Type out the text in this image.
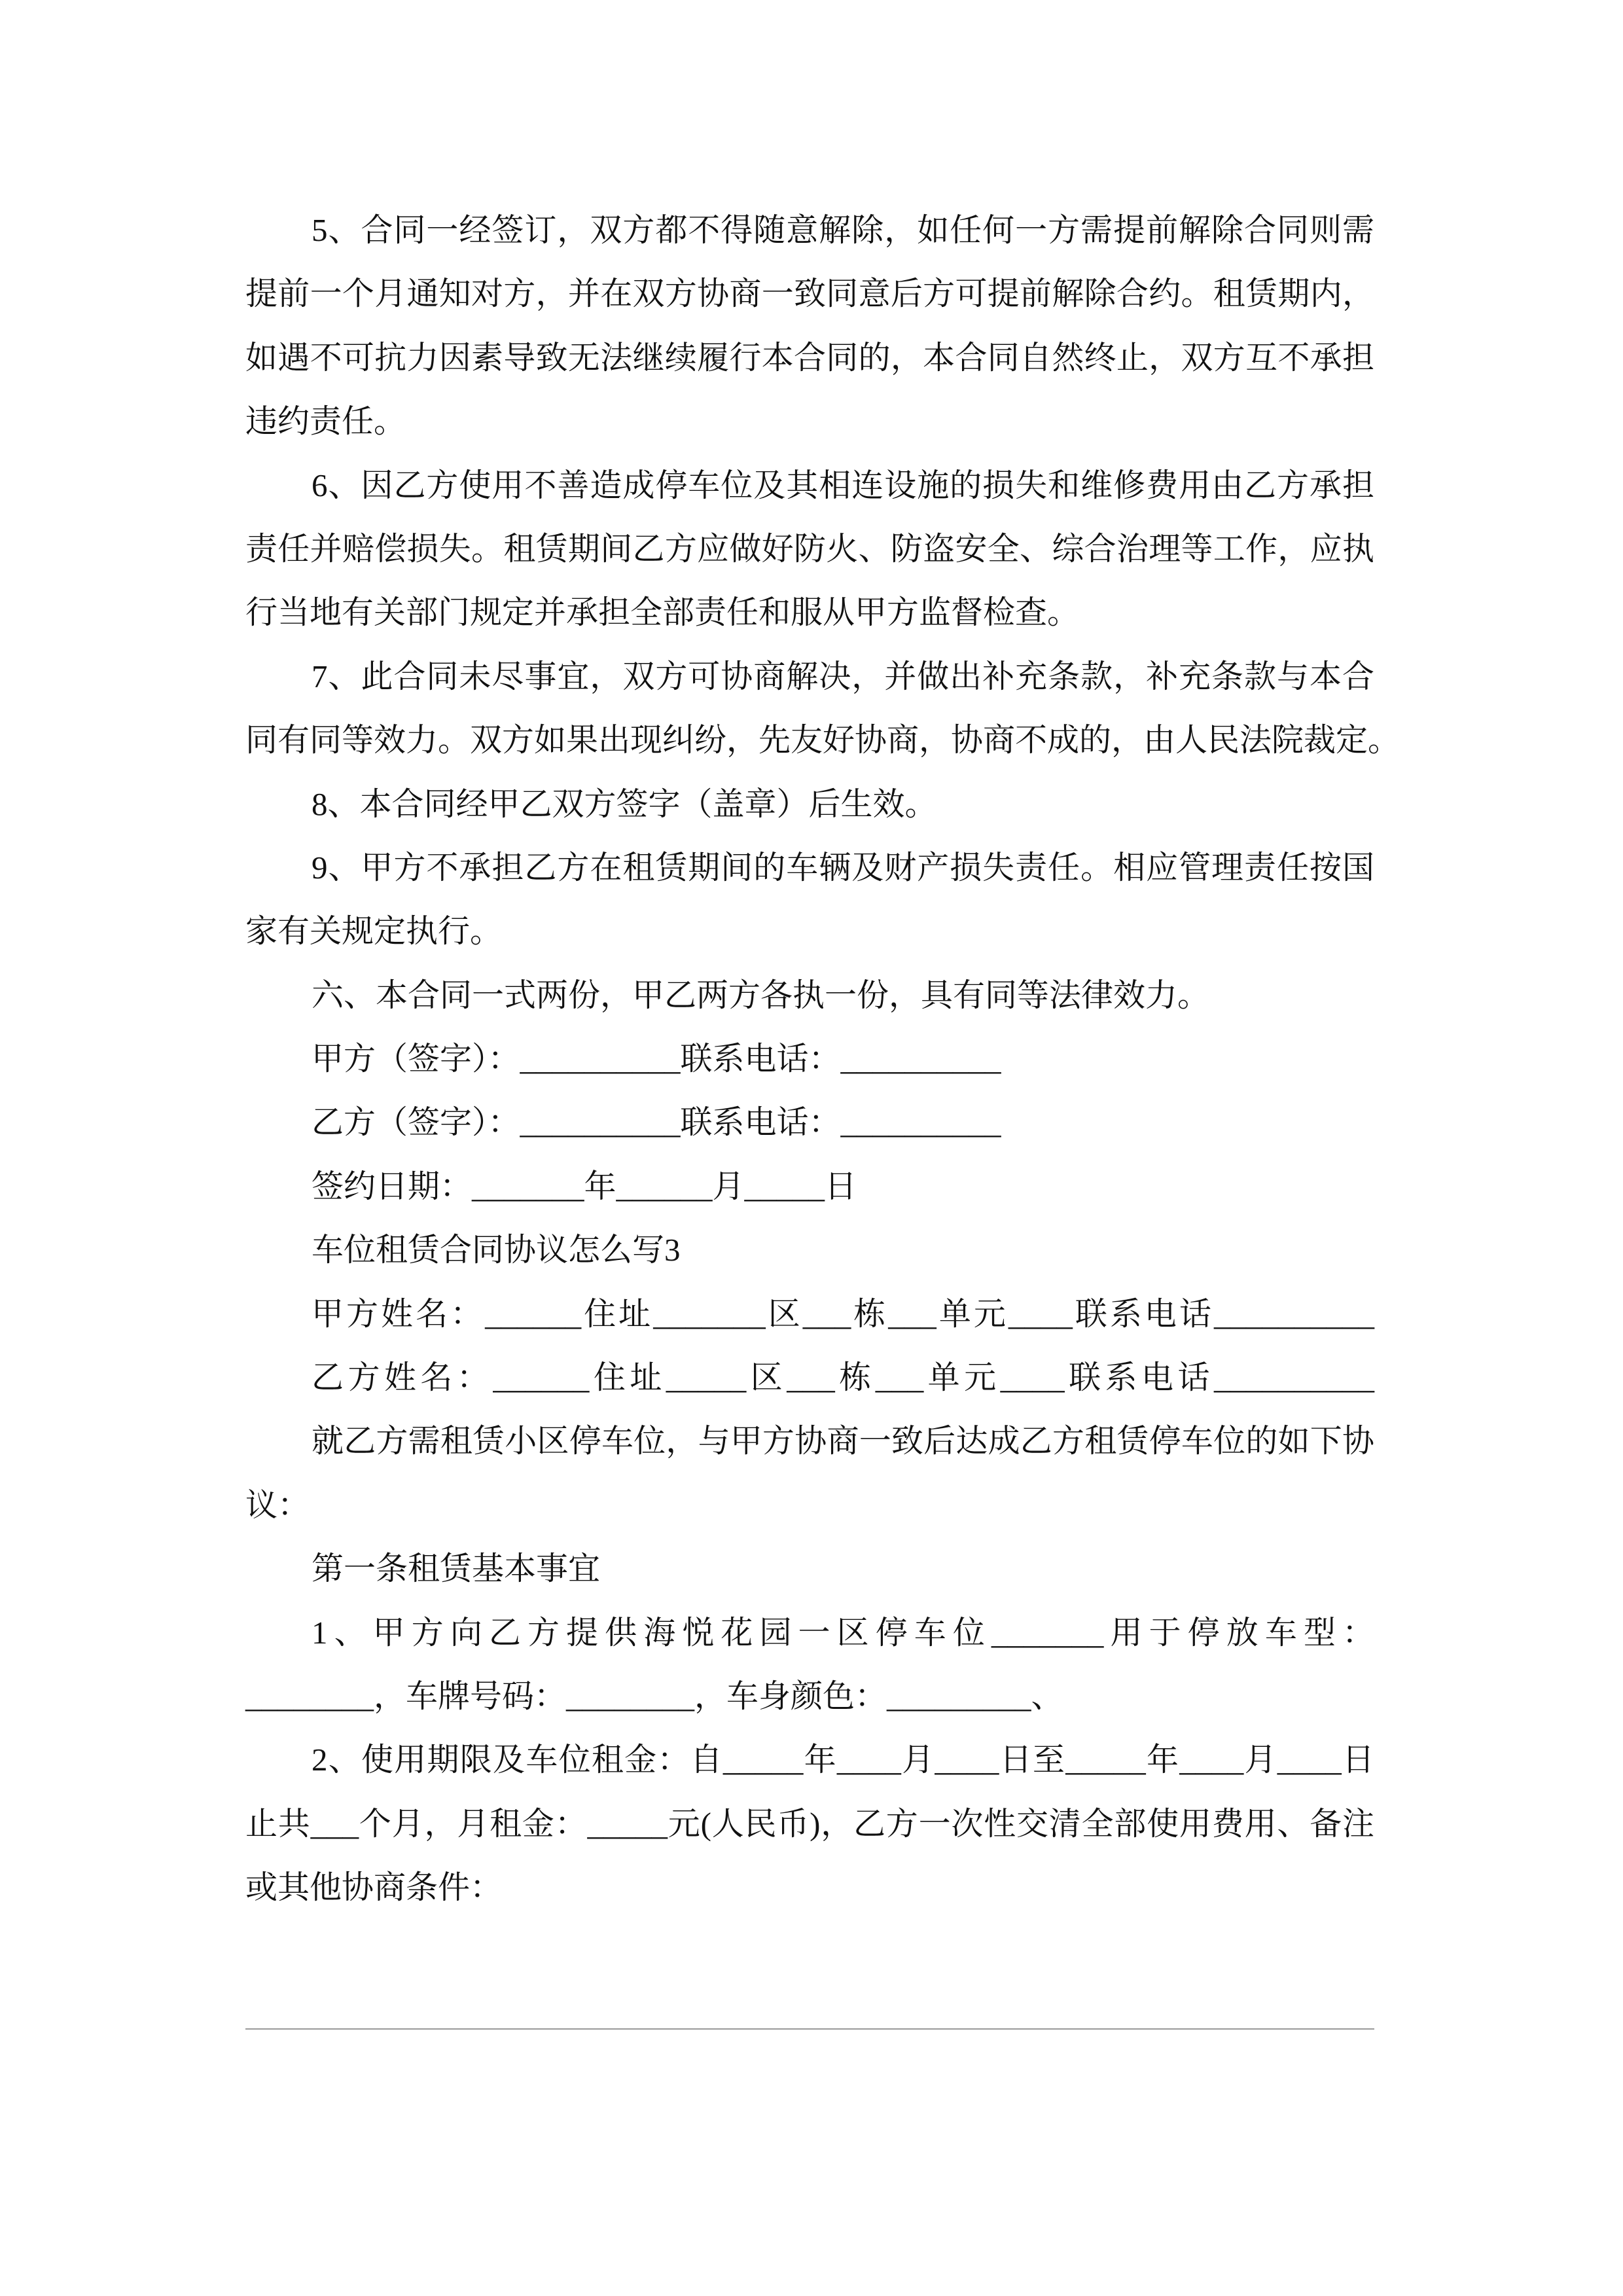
5、合同一经签订，双方都不得随意解除，如任何一方需提前解除合同则需
提前一个月通知对方，并在双方协商一致同意后方可提前解除合约。租赁期内，
如遇不可抗力因素导致无法继续履行本合同的，本合同自然终止，双方互不承担
违约责任。
6、因乙方使用不善造成停车位及其相连设施的损失和维修费用由乙方承担
责任并赔偿损失。租赁期间乙方应做好防火、防盗安全、综合治理等工作，应执
行当地有关部门规定并承担全部责任和服从甲方监督检查。
7、此合同未尽事宜，双方可协商解决，并做出补充条款，补充条款与本合
同有同等效力。双方如果出现纠纷，先友好协商，协商不成的，由人民法院裁定。
8、本合同经甲乙双方签字（盖章）后生效。
9、甲方不承担乙方在租赁期间的车辆及财产损失责任。相应管理责任按国
家有关规定执行。
六、本合同一式两份，甲乙两方各执一份，具有同等法律效力。
甲方（签字）：__________联系电话：__________
乙方（签字）：__________联系电话：__________
签约日期：_______年______月_____日
车位租赁合同协议怎么写3
甲方姓名：______住址_______区___栋___单元____联系电话__________
乙方姓名：______住址_____区___栋___单元____联系电话__________
就乙方需租赁小区停车位，与甲方协商一致后达成乙方租赁停车位的如下协
议：
第一条租赁基本事宜
1、甲方向乙方提供海悦花园一区停车位_______用于停放车型：
________，车牌号码：________，车身颜色：_________、
2、使用期限及车位租金：自_____年____月____日至_____年____月____日
止共___个月，月租金：_____元(人民币)，乙方一次性交清全部使用费用、备注
或其他协商条件：
